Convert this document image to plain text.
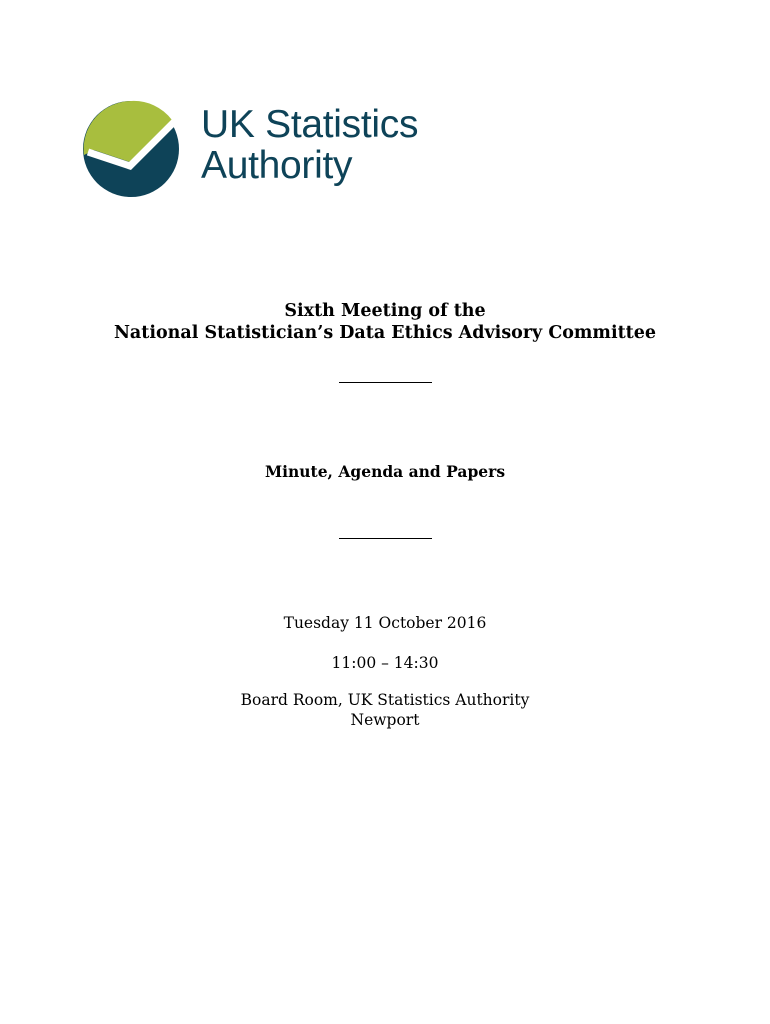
UK Statistics
Authority
Sixth Meeting of the
National Statistician’s Data Ethics Advisory Committee
Minute, Agenda and Papers
Tuesday 11 October 2016
11:00 – 14:30
Board Room, UK Statistics Authority
Newport
